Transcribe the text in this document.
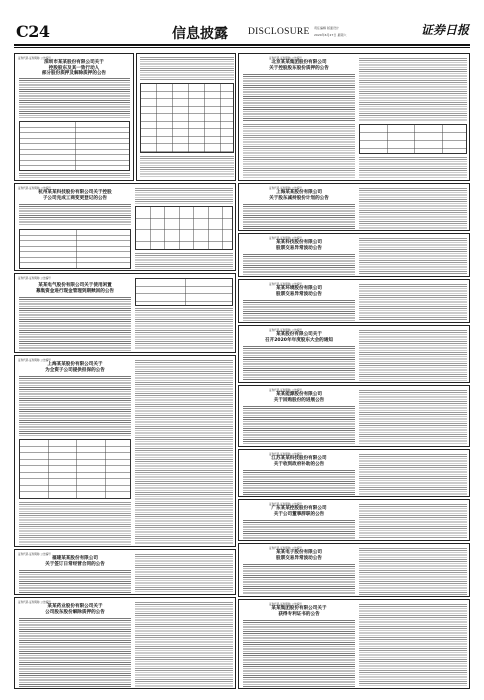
C24	信息披露 DISCLOSURE 责任编辑 版面设计
2020年6月27日 星期六	证券日报
证券代码 证券简称 公告编号
深圳市某某股份有限公司关于
控股股东及其一致行动人
部分股份质押及解除质押的公告
证券代码 证券简称 公告编号
杭州某某科技股份有限公司关于控股
子公司完成工商变更登记的公告
证券代码 证券简称 公告编号
某某电气股份有限公司关于使用闲置
募集资金进行现金管理到期赎回的公告
证券代码 证券简称 公告编号
上海某某股份有限公司关于
为全资子公司提供担保的公告
证券代码 证券简称 公告编号
福建某某股份有限公司
关于签订日常经营合同的公告
证券代码 证券简称 公告编号
某某药业股份有限公司关于
公司股东股份解除质押的公告
证券代码 证券简称 公告编号
北京某某集团股份有限公司
关于控股股东股份质押的公告
证券代码 证券简称 公告编号
上海某某股份有限公司
关于股东减持股份计划的公告
证券代码 证券简称 公告编号
某某科技股份有限公司
股票交易异常波动公告
证券代码 证券简称 公告编号
某某环境股份有限公司
股票交易异常波动公告
证券代码 证券简称 公告编号
某某股份有限公司关于
召开2020年年度股东大会的通知
证券代码 证券简称 公告编号
某某能源股份有限公司
关于回购股份的进展公告
证券代码 证券简称 公告编号
江苏某某科技股份有限公司
关于收到政府补助的公告
证券代码 证券简称 公告编号
广东某某控股股份有限公司
关于公司董事辞职的公告
证券代码 证券简称 公告编号
某某电子股份有限公司
股票交易异常波动公告
证券代码 证券简称 公告编号
某某集团股份有限公司关于
获得专利证书的公告
